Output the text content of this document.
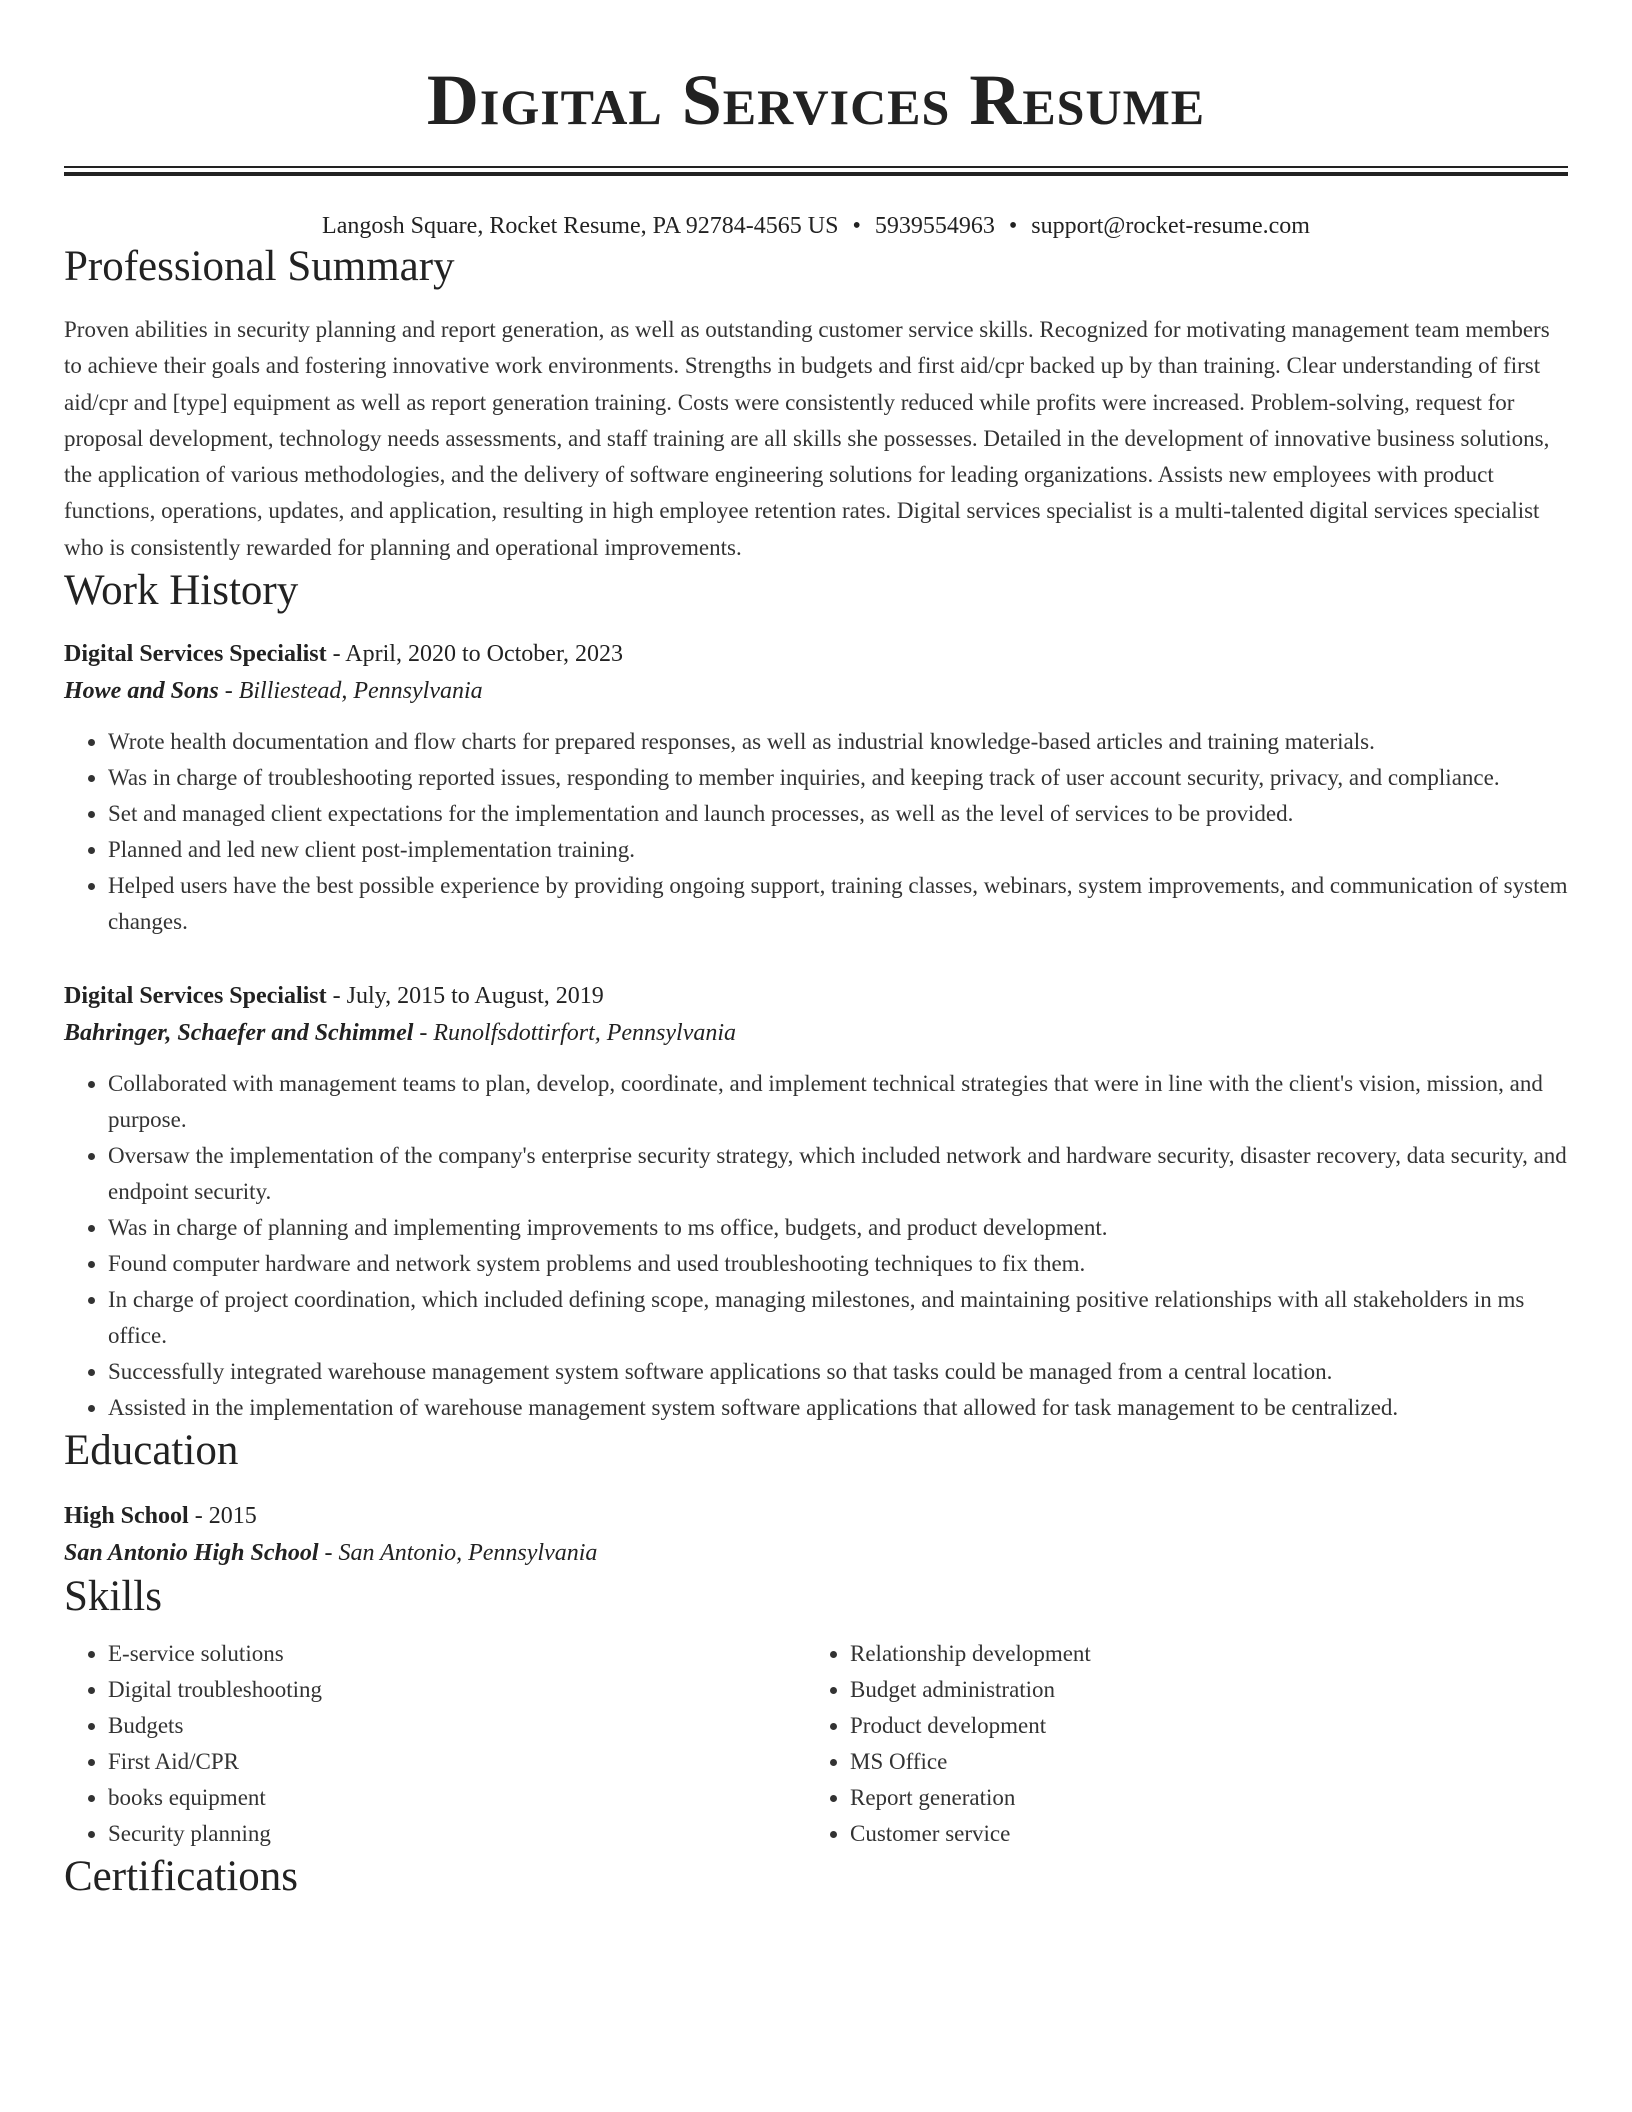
Digital Services Resume
Langosh Square, Rocket Resume, PA 92784-4565 US • 5939554963 • support@rocket-resume.com
Professional Summary

Proven abilities in security planning and report generation, as well as outstanding customer service skills. Recognized for motivating management team members to achieve their goals and fostering innovative work environments. Strengths in budgets and first aid/cpr backed up by than training. Clear understanding of first aid/cpr and [type] equipment as well as report generation training. Costs were consistently reduced while profits were increased. Problem-solving, request for proposal development, technology needs assessments, and staff training are all skills she possesses. Detailed in the development of innovative business solutions, the application of various methodologies, and the delivery of software engineering solutions for leading organizations. Assists new employees with product functions, operations, updates, and application, resulting in high employee retention rates. Digital services specialist is a multi-talented digital services specialist who is consistently rewarded for planning and operational improvements.

Work History
Digital Services Specialist - April, 2020 to October, 2023
Howe and Sons - Billiestead, Pennsylvania
• Wrote health documentation and flow charts for prepared responses, as well as industrial knowledge-based articles and training materials.
• Was in charge of troubleshooting reported issues, responding to member inquiries, and keeping track of user account security, privacy, and compliance.
• Set and managed client expectations for the implementation and launch processes, as well as the level of services to be provided.
• Planned and led new client post-implementation training.
• Helped users have the best possible experience by providing ongoing support, training classes, webinars, system improvements, and communication of system changes.
Digital Services Specialist - July, 2015 to August, 2019
Bahringer, Schaefer and Schimmel - Runolfsdottirfort, Pennsylvania
• Collaborated with management teams to plan, develop, coordinate, and implement technical strategies that were in line with the client's vision, mission, and purpose.
• Oversaw the implementation of the company's enterprise security strategy, which included network and hardware security, disaster recovery, data security, and endpoint security.
• Was in charge of planning and implementing improvements to ms office, budgets, and product development.
• Found computer hardware and network system problems and used troubleshooting techniques to fix them.
• In charge of project coordination, which included defining scope, managing milestones, and maintaining positive relationships with all stakeholders in ms office.
• Successfully integrated warehouse management system software applications so that tasks could be managed from a central location.
• Assisted in the implementation of warehouse management system software applications that allowed for task management to be centralized.
Education
High School - 2015
San Antonio High School - San Antonio, Pennsylvania
Skills
• E-service solutions
• Digital troubleshooting
• Budgets
• First Aid/CPR
• books equipment
• Security planning
• Relationship development
• Budget administration
• Product development
• MS Office
• Report generation
• Customer service
Certifications
